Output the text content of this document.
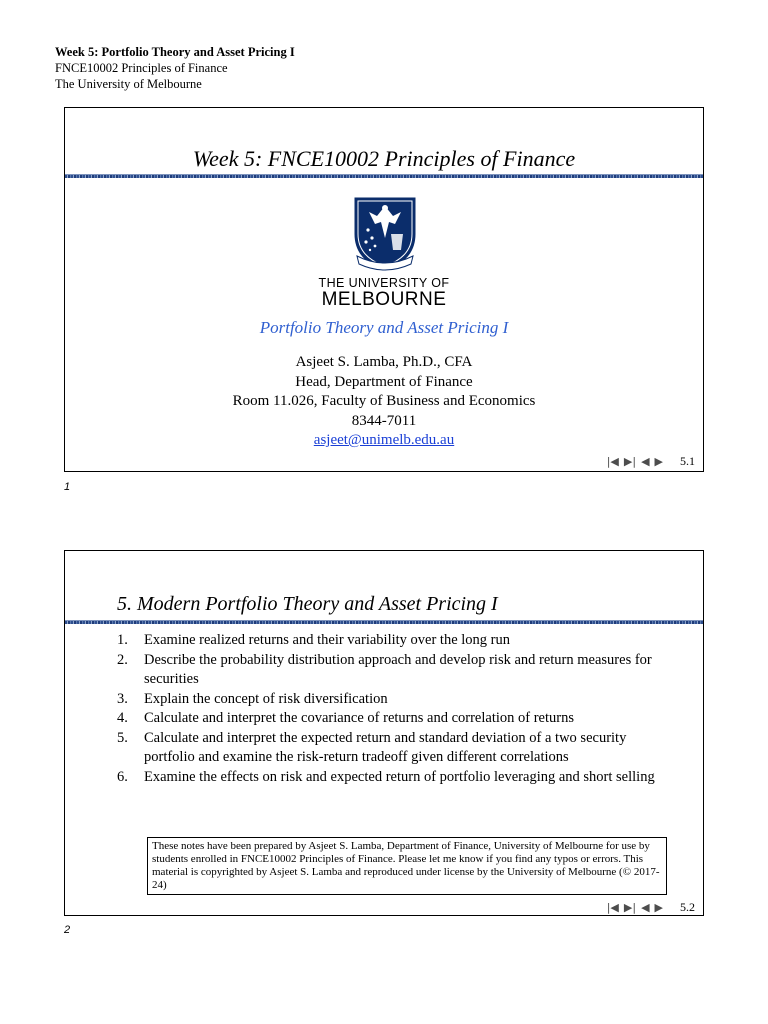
Week 5: Portfolio Theory and Asset Pricing I
FNCE10002 Principles of Finance
The University of Melbourne
Week 5: FNCE10002 Principles of Finance
THE UNIVERSITY OF
MELBOURNE
Portfolio Theory and Asset Pricing I
Asjeet S. Lamba, Ph.D., CFA
Head, Department of Finance
Room 11.026, Faculty of Business and Economics
8344-7011
asjeet@unimelb.edu.au
|◀ ▶| ◀ ▶ 5.1
1
5. Modern Portfolio Theory and Asset Pricing I
1.	Examine realized returns and their variability over the long run
2.	Describe the probability distribution approach and develop risk and return measures for securities
3.	Explain the concept of risk diversification
4.	Calculate and interpret the covariance of returns and correlation of returns
5.	Calculate and interpret the expected return and standard deviation of a two security portfolio and examine the risk-return tradeoff given different correlations
6.	Examine the effects on risk and expected return of portfolio leveraging and short selling
These notes have been prepared by Asjeet S. Lamba, Department of Finance, University of Melbourne for use by students enrolled in FNCE10002 Principles of Finance. Please let me know if you find any typos or errors. This material is copyrighted by Asjeet S. Lamba and reproduced under license by the University of Melbourne (© 2017-24)
|◀ ▶| ◀ ▶ 5.2
2
